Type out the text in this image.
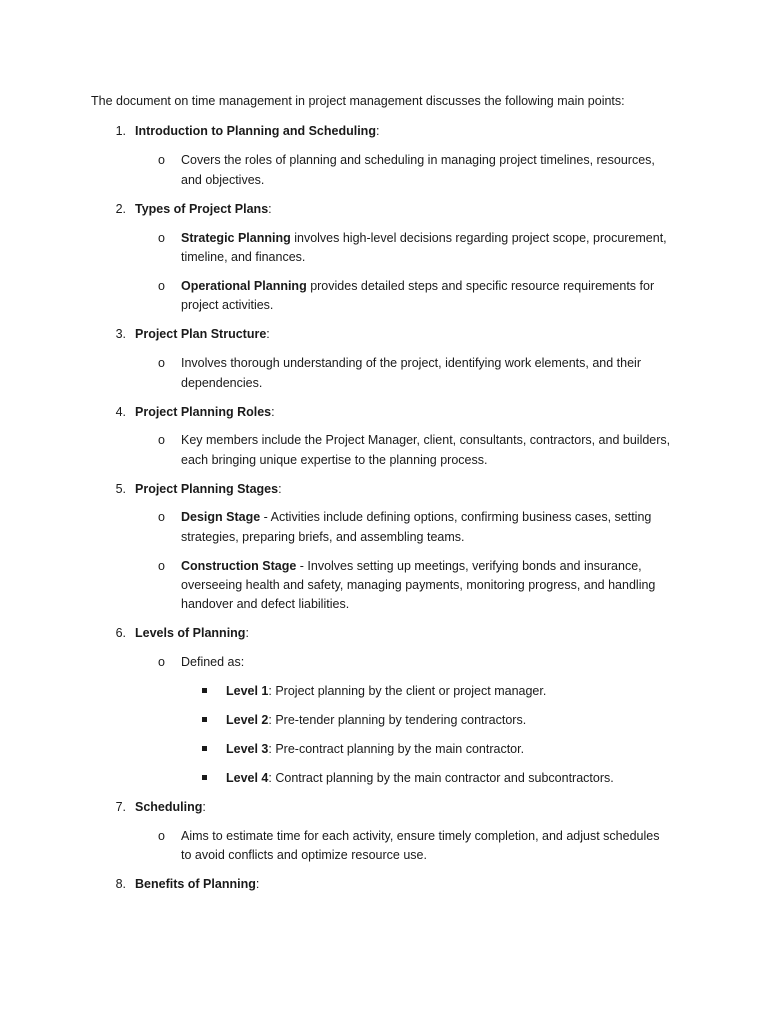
The document on time management in project management discusses the following main points:
1. Introduction to Planning and Scheduling:
o Covers the roles of planning and scheduling in managing project timelines, resources,
and objectives.
2. Types of Project Plans:
o Strategic Planning involves high-level decisions regarding project scope, procurement,
timeline, and finances.
o Operational Planning provides detailed steps and specific resource requirements for
project activities.
3. Project Plan Structure:
o Involves thorough understanding of the project, identifying work elements, and their
dependencies.
4. Project Planning Roles:
o Key members include the Project Manager, client, consultants, contractors, and builders,
each bringing unique expertise to the planning process.
5. Project Planning Stages:
o Design Stage - Activities include defining options, confirming business cases, setting
strategies, preparing briefs, and assembling teams.
o Construction Stage - Involves setting up meetings, verifying bonds and insurance,
overseeing health and safety, managing payments, monitoring progress, and handling
handover and defect liabilities.
6. Levels of Planning:
o Defined as:
Level 1: Project planning by the client or project manager.
Level 2: Pre-tender planning by tendering contractors.
Level 3: Pre-contract planning by the main contractor.
Level 4: Contract planning by the main contractor and subcontractors.
7. Scheduling:
o Aims to estimate time for each activity, ensure timely completion, and adjust schedules
to avoid conflicts and optimize resource use.
8. Benefits of Planning:
